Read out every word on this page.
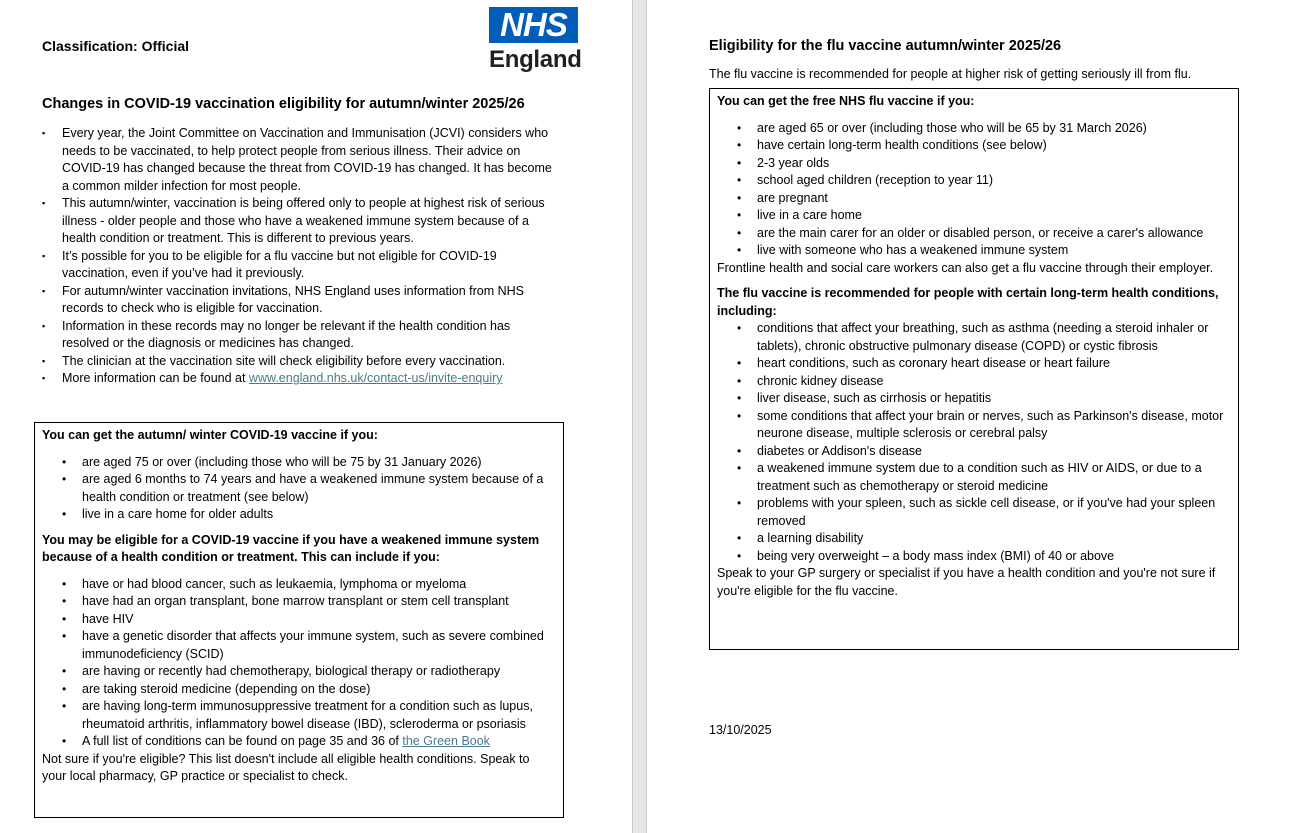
Classification: Official
NHS
England
Changes in COVID-19 vaccination eligibility for autumn/winter 2025/26
▪ Every year, the Joint Committee on Vaccination and Immunisation (JCVI) considers who needs to be vaccinated, to help protect people from serious illness. Their advice on COVID-19 has changed because the threat from COVID-19 has changed. It has become a common milder infection for most people.
▪ This autumn/winter, vaccination is being offered only to people at highest risk of serious illness - older people and those who have a weakened immune system because of a health condition or treatment. This is different to previous years.
▪ It’s possible for you to be eligible for a flu vaccine but not eligible for COVID-19 vaccination, even if you’ve had it previously.
▪ For autumn/winter vaccination invitations, NHS England uses information from NHS records to check who is eligible for vaccination.
▪ Information in these records may no longer be relevant if the health condition has resolved or the diagnosis or medicines has changed.
▪ The clinician at the vaccination site will check eligibility before every vaccination.
▪ More information can be found at www.england.nhs.uk/contact-us/invite-enquiry
You can get the autumn/ winter COVID-19 vaccine if you:
• are aged 75 or over (including those who will be 75 by 31 January 2026)
• are aged 6 months to 74 years and have a weakened immune system because of a health condition or treatment (see below)
• live in a care home for older adults
You may be eligible for a COVID-19 vaccine if you have a weakened immune system because of a health condition or treatment. This can include if you:
• have or had blood cancer, such as leukaemia, lymphoma or myeloma
• have had an organ transplant, bone marrow transplant or stem cell transplant
• have HIV
• have a genetic disorder that affects your immune system, such as severe combined immunodeficiency (SCID)
• are having or recently had chemotherapy, biological therapy or radiotherapy
• are taking steroid medicine (depending on the dose)
• are having long-term immunosuppressive treatment for a condition such as lupus, rheumatoid arthritis, inflammatory bowel disease (IBD), scleroderma or psoriasis
• A full list of conditions can be found on page 35 and 36 of the Green Book

Not sure if you're eligible? This list doesn't include all eligible health conditions. Speak to your local pharmacy, GP practice or specialist to check.

Eligibility for the flu vaccine autumn/winter 2025/26
The flu vaccine is recommended for people at higher risk of getting seriously ill from flu.
You can get the free NHS flu vaccine if you:
• are aged 65 or over (including those who will be 65 by 31 March 2026)
• have certain long-term health conditions (see below)
• 2-3 year olds
• school aged children (reception to year 11)
• are pregnant
• live in a care home
• are the main carer for an older or disabled person, or receive a carer's allowance
• live with someone who has a weakened immune system

Frontline health and social care workers can also get a flu vaccine through their employer.

The flu vaccine is recommended for people with certain long-term health conditions, including:
• conditions that affect your breathing, such as asthma (needing a steroid inhaler or tablets), chronic obstructive pulmonary disease (COPD) or cystic fibrosis
• heart conditions, such as coronary heart disease or heart failure
• chronic kidney disease
• liver disease, such as cirrhosis or hepatitis
• some conditions that affect your brain or nerves, such as Parkinson's disease, motor neurone disease, multiple sclerosis or cerebral palsy
• diabetes or Addison's disease
• a weakened immune system due to a condition such as HIV or AIDS, or due to a treatment such as chemotherapy or steroid medicine
• problems with your spleen, such as sickle cell disease, or if you've had your spleen removed
• a learning disability
• being very overweight – a body mass index (BMI) of 40 or above

Speak to your GP surgery or specialist if you have a health condition and you're not sure if you're eligible for the flu vaccine.

13/10/2025
